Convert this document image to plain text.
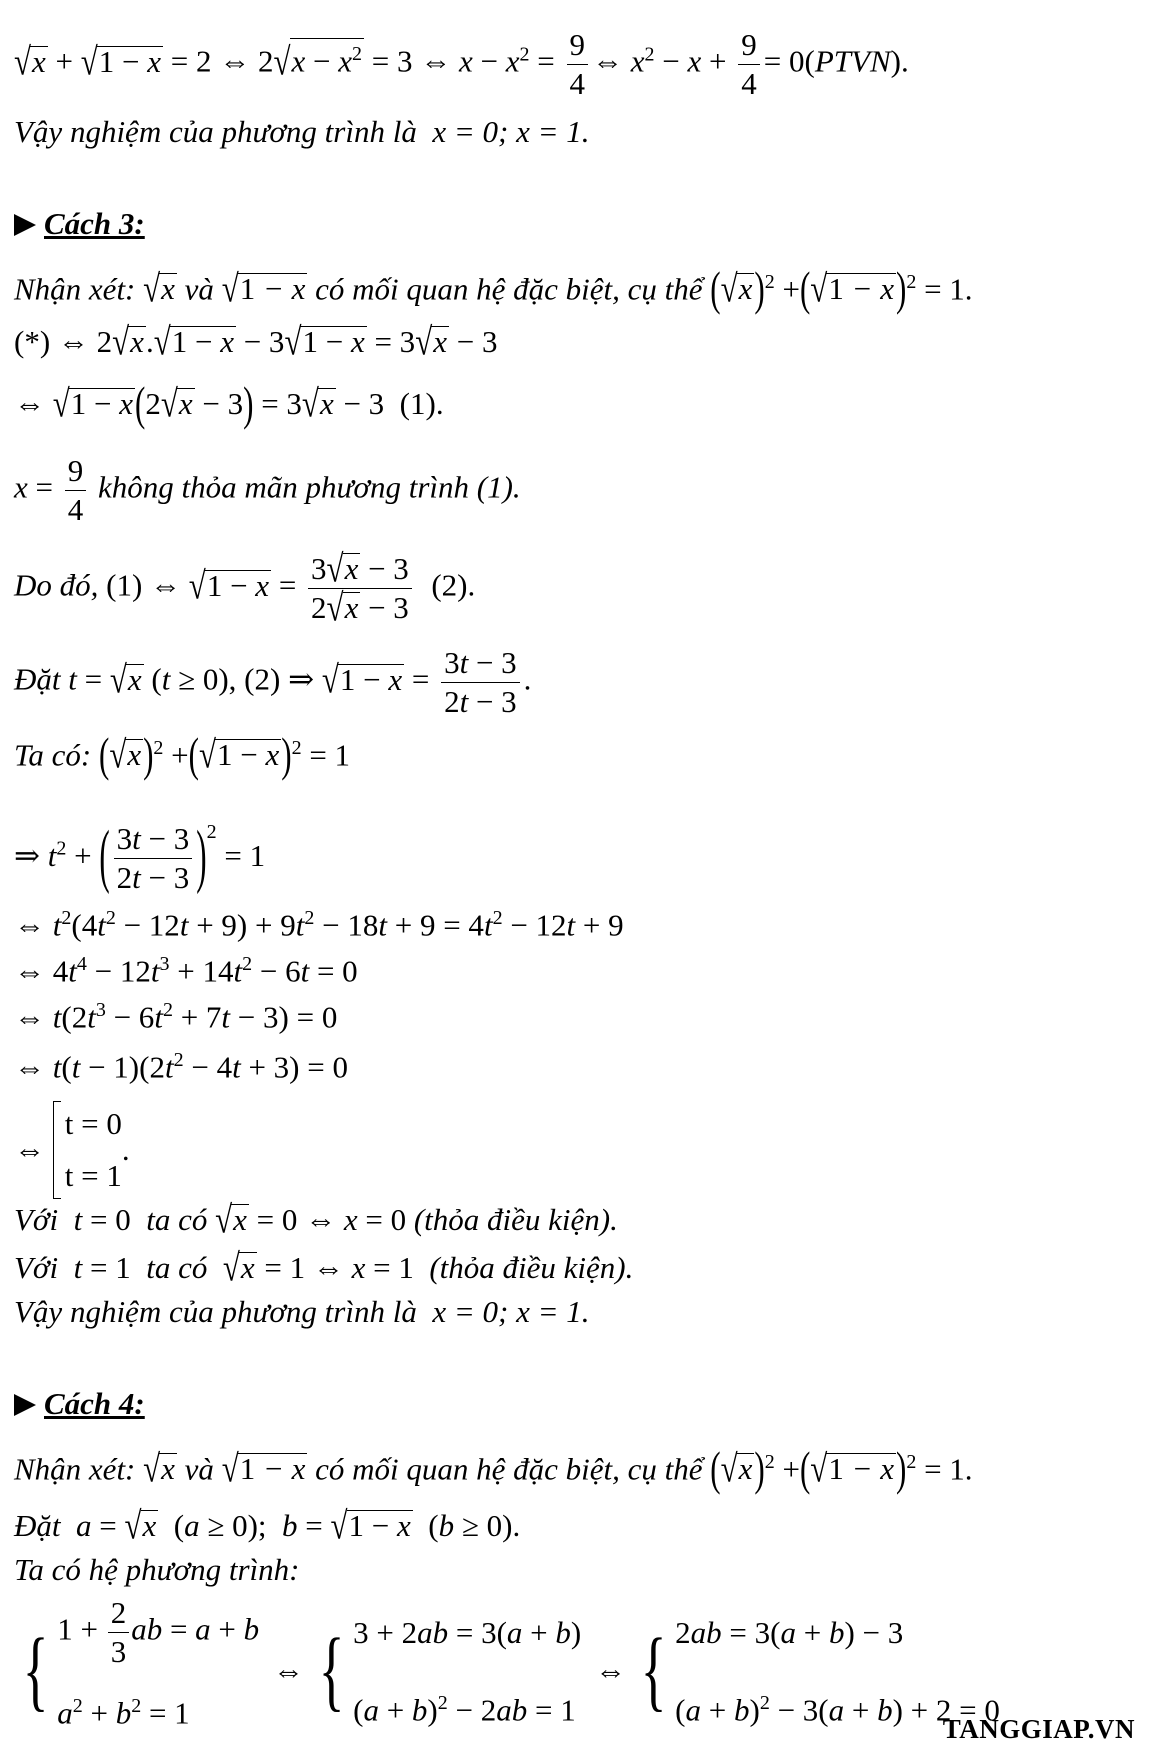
√x + √1 − x = 2 ⇔ $2√x - x^2 = 3$ ⇔ $x - x^2 = \frac{9}{4}$ ⇔ $x^2 - x + \frac{9}{4}$ = 0(PTVN).
Vậy nghiệm của phương trình là  x = 0; x = 1.
Cách 3:
Nhận xét: √x và √1 − x có mối quan hệ đặc biệt, cụ thể $(√x)^2 +(√1 - x)^2 = 1$.
(*) ⇔ 2√x.√1 − x − 3√1 − x = 3√x − 3
⇔ √1 − x(2√x − 3) = 3√x − 3  (1).
$x = \frac{9}{4}$ không thỏa mãn phương trình (1).
Do đó, (1) ⇔ $√1 - x = \frac{3√x - 3}{2√x - 3} (2)$.
Đặt t = √x (t ≥ 0), (2) ⇒ $√1 - x = \frac{3t - 3}{2t - 3}$ .
Ta có: $(√x)^2 +(√1 - x)^2 = 1$
⇒ $t^2$ + ( $\frac{3t - 3}{2t - 3} )^2 = 1$
⇔ $t^2(4t^2 - 12t + 9) + 9t^2 - 18t + 9 = 4t^2 - 12t + 9$
⇔ $4t^4 - 12t^3 + 14t^2 - 6t = 0$
⇔ $t(2t^3 - 6t^2 + 7t - 3) = 0$
⇔ $t(t - 1)(2t^2 - 4t + 3) = 0$
⇔
t = 0
t = 1
.
Với  t = 0  ta có √x = 0 ⇔ x = 0 (thỏa điều kiện).
Với  t = 1  ta có  √x = 1 ⇔ x = 1  (thỏa điều kiện).
Vậy nghiệm của phương trình là  x = 0; x = 1.
Cách 4:
Nhận xét: √x và √1 − x có mối quan hệ đặc biệt, cụ thể $(√x)^2 +(√1 - x)^2 = 1$.
Đặt a = √x  (a ≥ 0);  b = √1 − x  (b ≥ 0).
Ta có hệ phương trình:
{ $1 + \frac{2}{3}$ ab = a + b
$a^2 + b^2 = 1$
⇔ { 3 + 2ab = 3(a + b)
$(a + b)^2 - 2ab = 1$
⇔ { 2ab = 3(a + b) − 3
$(a + b)^2 - 3(a + b) + 2 = 0$
TANGGIAP.VN
